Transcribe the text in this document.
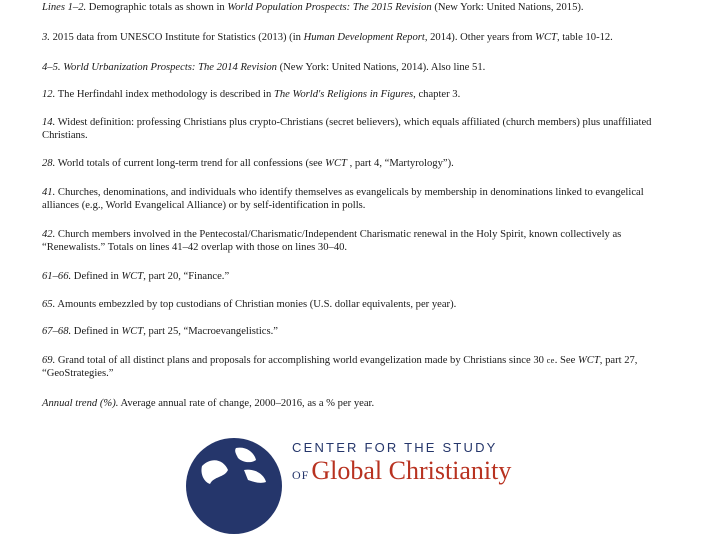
Lines 1–2. Demographic totals as shown in World Population Prospects: The 2015 Revision (New York: United Nations, 2015).

3. 2015 data from UNESCO Institute for Statistics (2013) (in Human Development Report, 2014). Other years from WCT, table 10-12.

4–5. World Urbanization Prospects: The 2014 Revision (New York: United Nations, 2014). Also line 51.

12. The Herfindahl index methodology is described in The World's Religions in Figures, chapter 3.

14. Widest definition: professing Christians plus crypto-Christians (secret believers), which equals affiliated (church members) plus unaffiliated Christians.

28. World totals of current long-term trend for all confessions (see WCT , part 4, “Martyrology”).

41. Churches, denominations, and individuals who identify themselves as evangelicals by membership in denominations linked to evangelical alliances (e.g., World Evangelical Alliance) or by self-identification in polls.

42. Church members involved in the Pentecostal/Charismatic/Independent Charismatic renewal in the Holy Spirit, known collectively as “Renewalists.” Totals on lines 41–42 overlap with those on lines 30–40.

61–66. Defined in WCT, part 20, “Finance.”

65. Amounts embezzled by top custodians of Christian monies (U.S. dollar equivalents, per year).

67–68. Defined in WCT, part 25, “Macroevangelistics.”

69. Grand total of all distinct plans and proposals for accomplishing world evangelization made by Christians since 30 ce. See WCT, part 27, “GeoStrategies.”

Annual trend (%). Average annual rate of change, 2000–2016, as a % per year.

CENTER FOR THE STUDY
OFGlobal Christianity
